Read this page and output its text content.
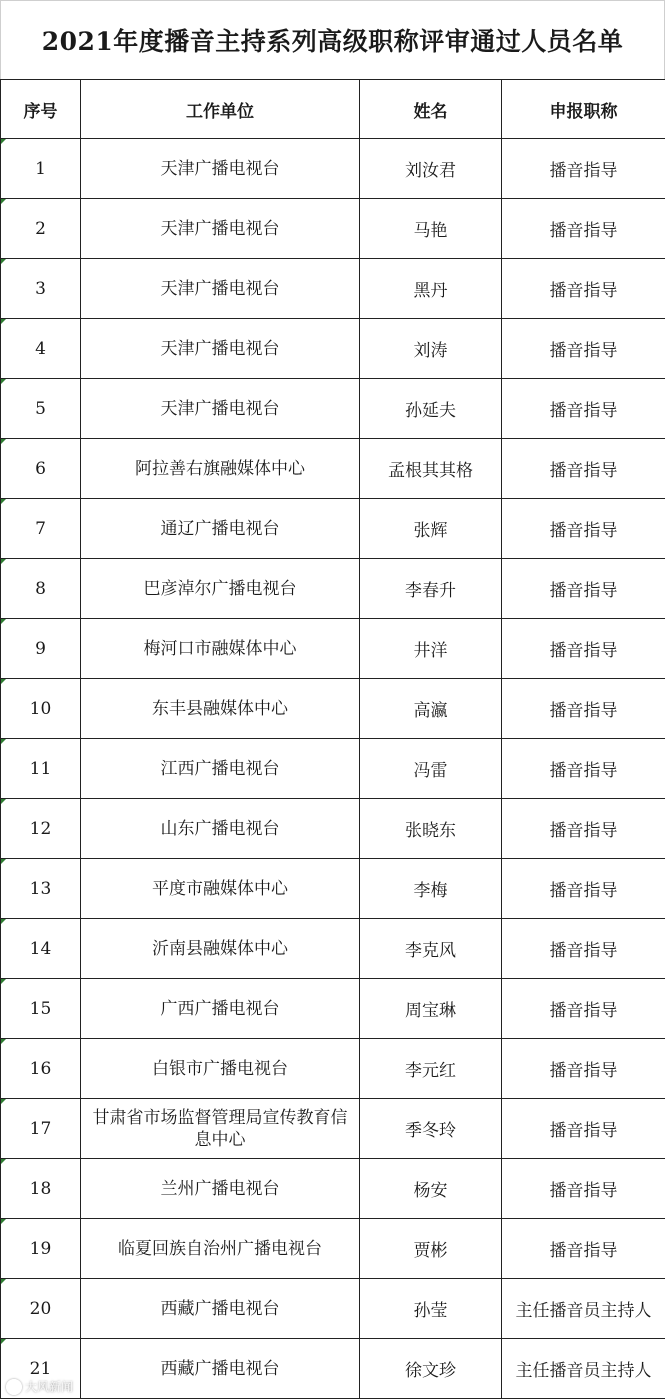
2021年度播音主持系列高级职称评审通过人员名单
序号	工作单位	姓名	申报职称
1	天津广播电视台	刘汝君	播音指导
2	天津广播电视台	马艳	播音指导
3	天津广播电视台	黑丹	播音指导
4	天津广播电视台	刘涛	播音指导
5	天津广播电视台	孙延夫	播音指导
6	阿拉善右旗融媒体中心	孟根其其格	播音指导
7	通辽广播电视台	张辉	播音指导
8	巴彦淖尔广播电视台	李春升	播音指导
9	梅河口市融媒体中心	井洋	播音指导
10	东丰县融媒体中心	高瀛	播音指导
11	江西广播电视台	冯雷	播音指导
12	山东广播电视台	张晓东	播音指导
13	平度市融媒体中心	李梅	播音指导
14	沂南县融媒体中心	李克风	播音指导
15	广西广播电视台	周宝琳	播音指导
16	白银市广播电视台	李元红	播音指导
17	甘肃省市场监督管理局宣传教育信息中心	季冬玲	播音指导
18	兰州广播电视台	杨安	播音指导
19	临夏回族自治州广播电视台	贾彬	播音指导
20	西藏广播电视台	孙莹	主任播音员主持人
21	西藏广播电视台	徐文珍	主任播音员主持人
大风新闻
